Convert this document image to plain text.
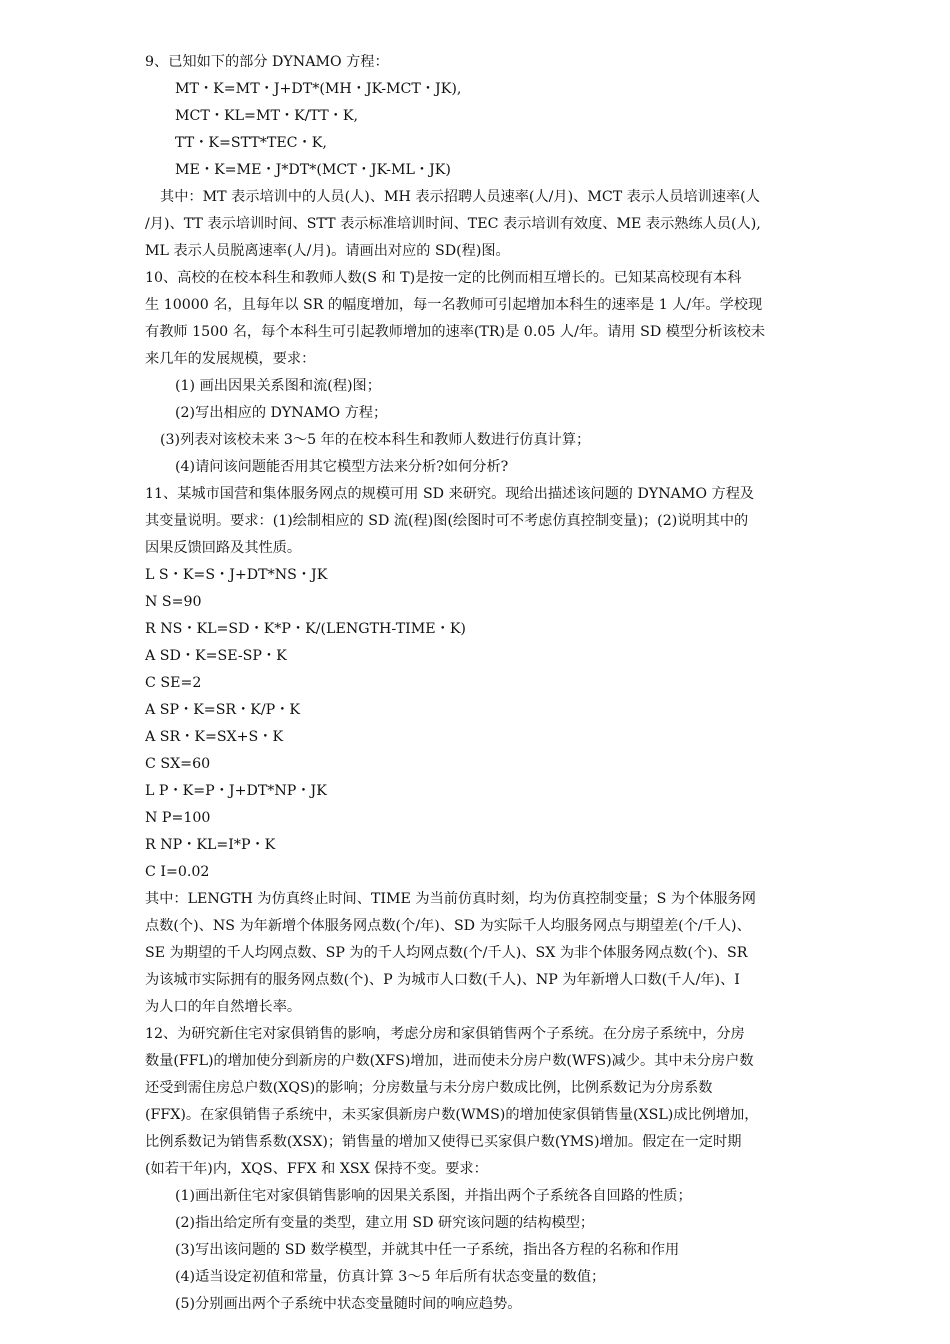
9、已知如下的部分 DYNAMO 方程：
MT・K=MT・J+DT*(MH・JK-MCT・JK),
MCT・KL=MT・K/TT・K,
TT・K=STT*TEC・K,
ME・K=ME・J*DT*(MCT・JK-ML・JK)
其中：MT 表示培训中的人员(人)、MH 表示招聘人员速率(人/月)、MCT 表示人员培训速率(人
/月)、TT 表示培训时间、STT 表示标准培训时间、TEC 表示培训有效度、ME 表示熟练人员(人),
ML 表示人员脱离速率(人/月)。请画出对应的 SD(程)图。
10、高校的在校本科生和教师人数(S 和 T)是按一定的比例而相互增长的。已知某高校现有本科
生 10000 名，且每年以 SR 的幅度增加，每一名教师可引起增加本科生的速率是 1 人/年。学校现
有教师 1500 名，每个本科生可引起教师增加的速率(TR)是 0.05 人/年。请用 SD 模型分析该校未
来几年的发展规模，要求：
(1) 画出因果关系图和流(程)图；
(2)写出相应的 DYNAMO 方程；
(3)列表对该校未来 3～5 年的在校本科生和教师人数进行仿真计算；
(4)请问该问题能否用其它模型方法来分析?如何分析?
11、某城市国营和集体服务网点的规模可用 SD 来研究。现给出描述该问题的 DYNAMO 方程及
其变量说明。要求：(1)绘制相应的 SD 流(程)图(绘图时可不考虑仿真控制变量)；(2)说明其中的
因果反馈回路及其性质。
L S・K=S・J+DT*NS・JK
N S=90
R NS・KL=SD・K*P・K/(LENGTH-TIME・K)
A SD・K=SE-SP・K
C SE=2
A SP・K=SR・K/P・K
A SR・K=SX+S・K
C SX=60
L P・K=P・J+DT*NP・JK
N P=100
R NP・KL=I*P・K
C I=0.02
其中：LENGTH 为仿真终止时间、TIME 为当前仿真时刻，均为仿真控制变量；S 为个体服务网
点数(个)、NS 为年新增个体服务网点数(个/年)、SD 为实际千人均服务网点与期望差(个/千人)、
SE 为期望的千人均网点数、SP 为的千人均网点数(个/千人)、SX 为非个体服务网点数(个)、SR
为该城市实际拥有的服务网点数(个)、P 为城市人口数(千人)、NP 为年新增人口数(千人/年)、I
为人口的年自然增长率。
12、为研究新住宅对家俱销售的影响，考虑分房和家俱销售两个子系统。在分房子系统中，分房
数量(FFL)的增加使分到新房的户数(XFS)增加，进而使未分房户数(WFS)减少。其中未分房户数
还受到需住房总户数(XQS)的影响；分房数量与未分房户数成比例，比例系数记为分房系数
(FFX)。在家俱销售子系统中，未买家俱新房户数(WMS)的增加使家俱销售量(XSL)成比例增加，
比例系数记为销售系数(XSX)；销售量的增加又使得已买家俱户数(YMS)增加。假定在一定时期
(如若干年)内，XQS、FFX 和 XSX 保持不变。要求：
(1)画出新住宅对家俱销售影响的因果关系图，并指出两个子系统各自回路的性质；
(2)指出给定所有变量的类型，建立用 SD 研究该问题的结构模型；
(3)写出该问题的 SD 数学模型，并就其中任一子系统，指出各方程的名称和作用
(4)适当设定初值和常量，仿真计算 3～5 年后所有状态变量的数值；
(5)分别画出两个子系统中状态变量随时间的响应趋势。
